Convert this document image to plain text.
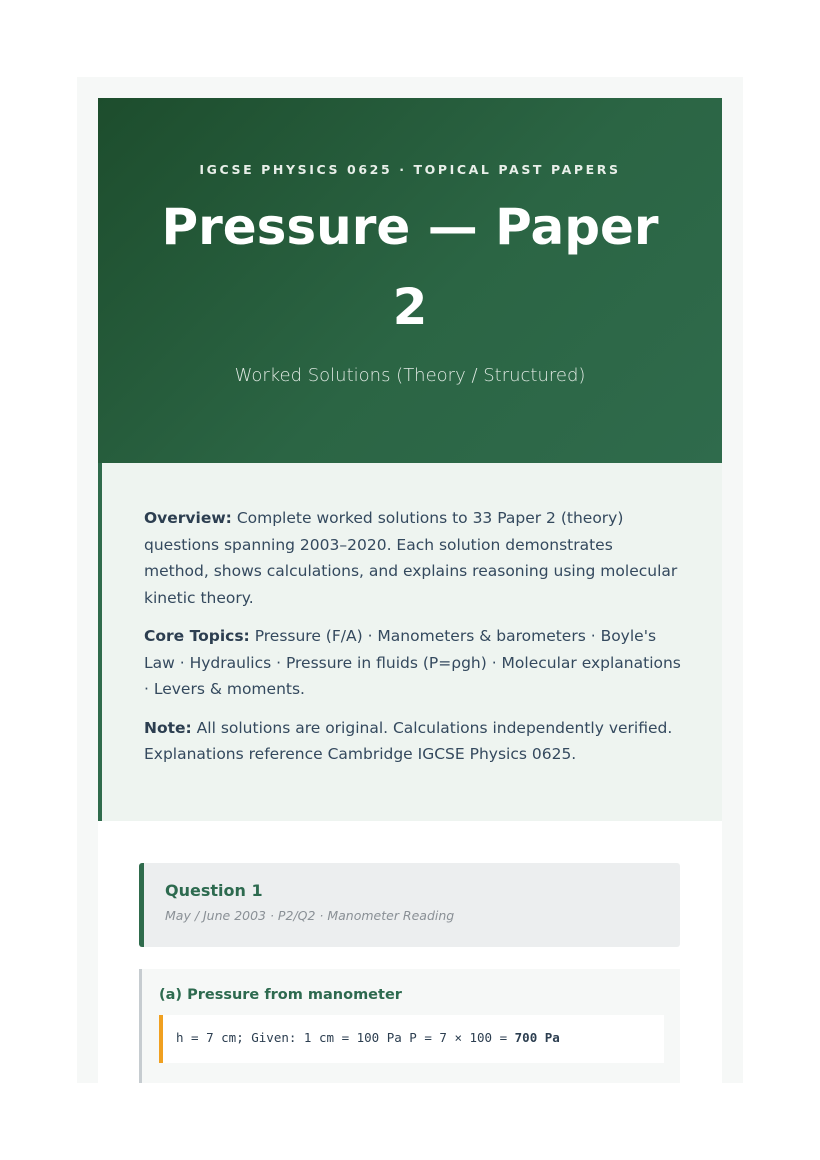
IGCSE PHYSICS 0625 · TOPICAL PAST PAPERS
Pressure — Paper 2
Worked Solutions (Theory / Structured)

Overview: Complete worked solutions to 33 Paper 2 (theory) questions spanning 2003–2020. Each solution demonstrates method, shows calculations, and explains reasoning using molecular kinetic theory.

Core Topics: Pressure (F/A) · Manometers & barometers · Boyle's Law · Hydraulics · Pressure in fluids (P=ρgh) · Molecular explanations · Levers & moments.

Note: All solutions are original. Calculations independently verified. Explanations reference Cambridge IGCSE Physics 0625.

Question 1
May / June 2003 · P2/Q2 · Manometer Reading
(a) Pressure from manometer
h = 7 cm; Given: 1 cm = 100 Pa P = 7 × 100 = 700 Pa
